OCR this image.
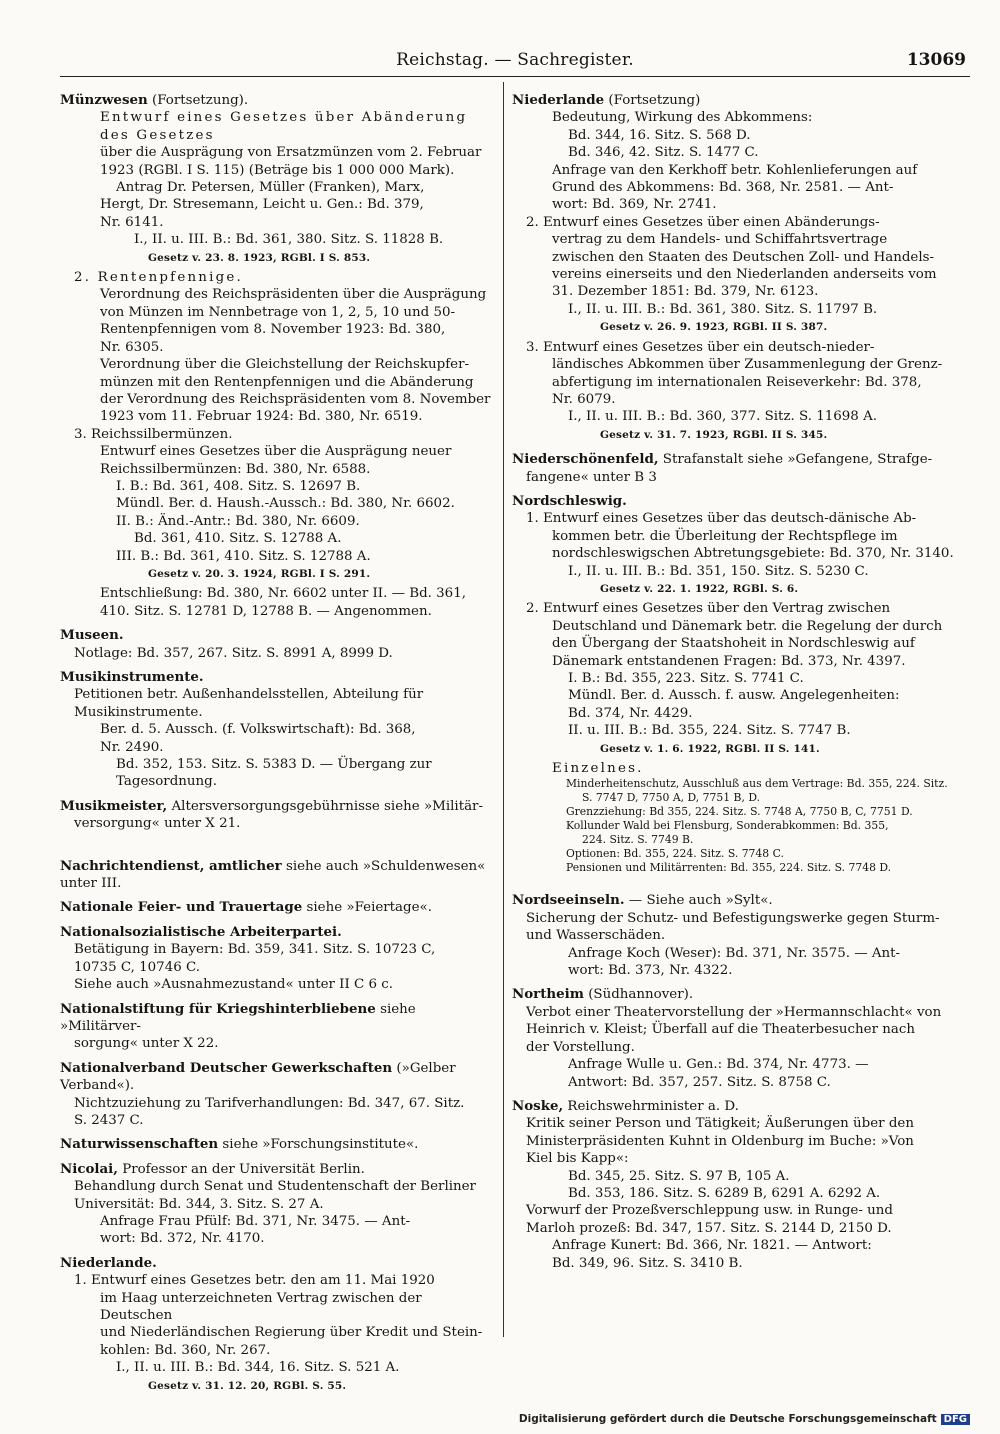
Reichstag. — Sachregister.	13069
Münzwesen (Fortsetzung).
Entwurf eines Gesetzes über Abänderung des Gesetzes
über die Ausprägung von Ersatzmünzen vom 2. Februar
1923 (RGBl. I S. 115) (Beträge bis 1 000 000 Mark).
Antrag Dr. Petersen, Müller (Franken), Marx,
Hergt, Dr. Stresemann, Leicht u. Gen.: Bd. 379,
Nr. 6141.
I., II. u. III. B.: Bd. 361, 380. Sitz. S. 11828 B.
Gesetz v. 23. 8. 1923, RGBl. I S. 853.
2. Rentenpfennige.
Verordnung des Reichspräsidenten über die Ausprägung
von Münzen im Nennbetrage von 1, 2, 5, 10 und 50-
Rentenpfennigen vom 8. November 1923: Bd. 380,
Nr. 6305.
Verordnung über die Gleichstellung der Reichskupfer-
münzen mit den Rentenpfennigen und die Abänderung
der Verordnung des Reichspräsidenten vom 8. November
1923 vom 11. Februar 1924: Bd. 380, Nr. 6519.
3. Reichssilbermünzen.
Entwurf eines Gesetzes über die Ausprägung neuer
Reichssilbermünzen: Bd. 380, Nr. 6588.
I. B.: Bd. 361, 408. Sitz. S. 12697 B.
Mündl. Ber. d. Haush.-Aussch.: Bd. 380, Nr. 6602.
II. B.: Änd.-Antr.: Bd. 380, Nr. 6609.
Bd. 361, 410. Sitz. S. 12788 A.
III. B.: Bd. 361, 410. Sitz. S. 12788 A.
Gesetz v. 20. 3. 1924, RGBl. I S. 291.
Entschließung: Bd. 380, Nr. 6602 unter II. — Bd. 361,
410. Sitz. S. 12781 D, 12788 B. — Angenommen.
Museen.
Notlage: Bd. 357, 267. Sitz. S. 8991 A, 8999 D.
Musikinstrumente.
Petitionen betr. Außenhandelsstellen, Abteilung für
Musikinstrumente.
Ber. d. 5. Aussch. (f. Volkswirtschaft): Bd. 368,
Nr. 2490.
Bd. 352, 153. Sitz. S. 5383 D. — Übergang zur
Tagesordnung.
Musikmeister, Altersversorgungsgebührnisse siehe »Militär-
versorgung« unter X 21.
Nachrichtendienst, amtlicher siehe auch »Schuldenwesen« unter III.
Nationale Feier- und Trauertage siehe »Feiertage«.
Nationalsozialistische Arbeiterpartei.
Betätigung in Bayern: Bd. 359, 341. Sitz. S. 10723 C,
10735 C, 10746 C.
Siehe auch »Ausnahmezustand« unter II C 6 c.
Nationalstiftung für Kriegshinterbliebene siehe »Militärver-
sorgung« unter X 22.
Nationalverband Deutscher Gewerkschaften (»Gelber Verband«).
Nichtzuziehung zu Tarifverhandlungen: Bd. 347, 67. Sitz.
S. 2437 C.
Naturwissenschaften siehe »Forschungsinstitute«.
Nicolai, Professor an der Universität Berlin.
Behandlung durch Senat und Studentenschaft der Berliner
Universität: Bd. 344, 3. Sitz. S. 27 A.
Anfrage Frau Pfülf: Bd. 371, Nr. 3475. — Ant-
wort: Bd. 372, Nr. 4170.
Niederlande.
1. Entwurf eines Gesetzes betr. den am 11. Mai 1920
im Haag unterzeichneten Vertrag zwischen der Deutschen
und Niederländischen Regierung über Kredit und Stein-
kohlen: Bd. 360, Nr. 267.
I., II. u. III. B.: Bd. 344, 16. Sitz. S. 521 A.
Gesetz v. 31. 12. 20, RGBl. S. 55.
Niederlande (Fortsetzung)
Bedeutung, Wirkung des Abkommens:
Bd. 344, 16. Sitz. S. 568 D.
Bd. 346, 42. Sitz. S. 1477 C.
Anfrage van den Kerkhoff betr. Kohlenlieferungen auf
Grund des Abkommens: Bd. 368, Nr. 2581. — Ant-
wort: Bd. 369, Nr. 2741.
2. Entwurf eines Gesetzes über einen Abänderungs-
vertrag zu dem Handels- und Schiffahrtsvertrage
zwischen den Staaten des Deutschen Zoll- und Handels-
vereins einerseits und den Niederlanden anderseits vom
31. Dezember 1851: Bd. 379, Nr. 6123.
I., II. u. III. B.: Bd. 361, 380. Sitz. S. 11797 B.
Gesetz v. 26. 9. 1923, RGBl. II S. 387.
3. Entwurf eines Gesetzes über ein deutsch-nieder-
ländisches Abkommen über Zusammenlegung der Grenz-
abfertigung im internationalen Reiseverkehr: Bd. 378,
Nr. 6079.
I., II. u. III. B.: Bd. 360, 377. Sitz. S. 11698 A.
Gesetz v. 31. 7. 1923, RGBl. II S. 345.
Niederschönenfeld, Strafanstalt siehe »Gefangene, Strafge-
fangene« unter B 3
Nordschleswig.
1. Entwurf eines Gesetzes über das deutsch-dänische Ab-
kommen betr. die Überleitung der Rechtspflege im
nordschleswigschen Abtretungsgebiete: Bd. 370, Nr. 3140.
I., II. u. III. B.: Bd. 351, 150. Sitz. S. 5230 C.
Gesetz v. 22. 1. 1922, RGBl. S. 6.
2. Entwurf eines Gesetzes über den Vertrag zwischen
Deutschland und Dänemark betr. die Regelung der durch
den Übergang der Staatshoheit in Nordschleswig auf
Dänemark entstandenen Fragen: Bd. 373, Nr. 4397.
I. B.: Bd. 355, 223. Sitz. S. 7741 C.
Mündl. Ber. d. Aussch. f. ausw. Angelegenheiten:
Bd. 374, Nr. 4429.
II. u. III. B.: Bd. 355, 224. Sitz. S. 7747 B.
Gesetz v. 1. 6. 1922, RGBl. II S. 141.
Einzelnes.
Minderheitenschutz, Ausschluß aus dem Vertrage: Bd. 355, 224. Sitz.
S. 7747 D, 7750 A, D, 7751 B, D.
Grenzziehung: Bd 355, 224. Sitz. S. 7748 A, 7750 B, C, 7751 D.
Kollunder Wald bei Flensburg, Sonderabkommen: Bd. 355,
224. Sitz. S. 7749 B.
Optionen: Bd. 355, 224. Sitz. S. 7748 C.
Pensionen und Militärrenten: Bd. 355, 224. Sitz. S. 7748 D.
Nordseeinseln. — Siehe auch »Sylt«.
Sicherung der Schutz- und Befestigungswerke gegen Sturm-
und Wasserschäden.
Anfrage Koch (Weser): Bd. 371, Nr. 3575. — Ant-
wort: Bd. 373, Nr. 4322.
Northeim (Südhannover).
Verbot einer Theatervorstellung der »Hermannschlacht« von
Heinrich v. Kleist; Überfall auf die Theaterbesucher nach
der Vorstellung.
Anfrage Wulle u. Gen.: Bd. 374, Nr. 4773. —
Antwort: Bd. 357, 257. Sitz. S. 8758 C.
Noske, Reichswehrminister a. D.
Kritik seiner Person und Tätigkeit; Äußerungen über den
Ministerpräsidenten Kuhnt in Oldenburg im Buche: »Von
Kiel bis Kapp«:
Bd. 345, 25. Sitz. S. 97 B, 105 A.
Bd. 353, 186. Sitz. S. 6289 B, 6291 A. 6292 A.
Vorwurf der Prozeßverschleppung usw. in Runge- und
Marloh prozeß: Bd. 347, 157. Sitz. S. 2144 D, 2150 D.
Anfrage Kunert: Bd. 366, Nr. 1821. — Antwort:
Bd. 349, 96. Sitz. S. 3410 B.
Digitalisierung gefördert durch die Deutsche Forschungsgemeinschaft DFG
